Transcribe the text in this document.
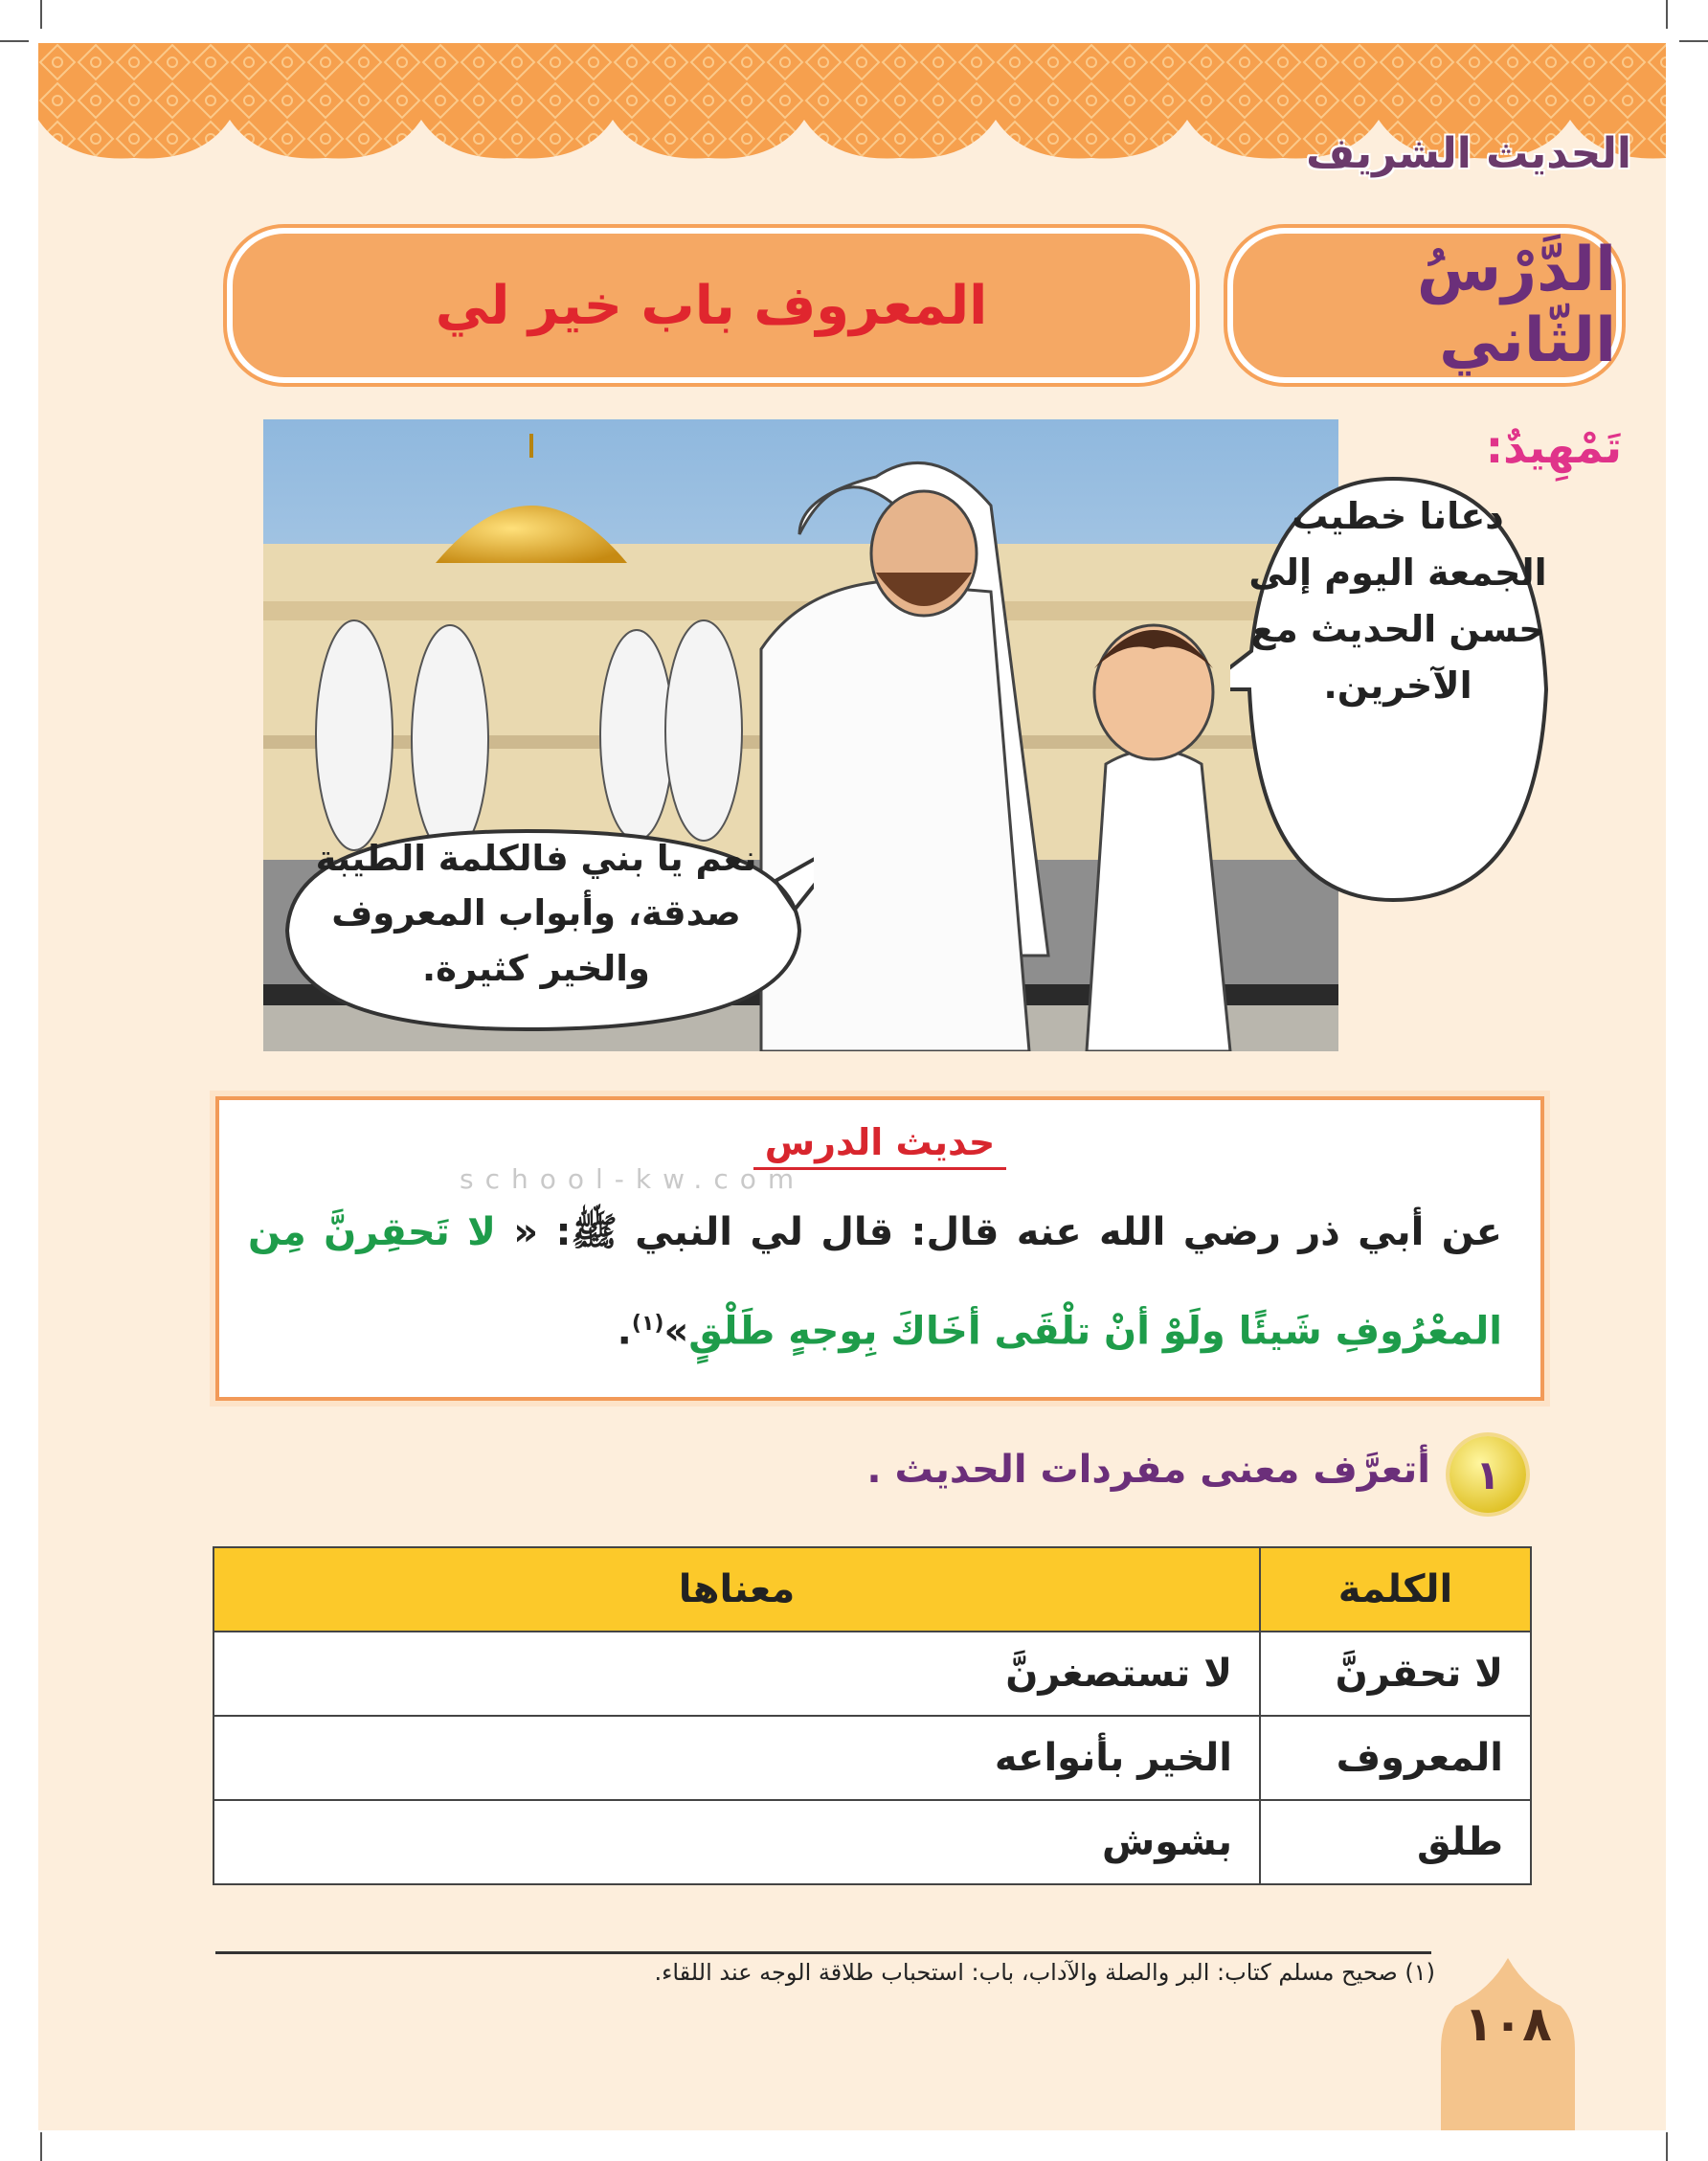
الحديث الشريف
الدَّرْسُ الثّاني
المعروف باب خير لي
تَمْهِيدٌ:
دعانا خطيب الجمعة اليوم إلى حسن الحديث مع الآخرين.
نعم يا بني فالكلمة الطيبة صدقة، وأبواب المعروف والخير كثيرة.
حديث الدرس
عن أبي ذر رضي الله عنه قال: قال لي النبي ﷺ: « لا تَحقِرنَّ مِن المعْرُوفِ شَيئًا ولَوْ أنْ تلْقَى أخَاكَ بِوجهٍ طَلْقٍ»$^{(١)}$.
school-kw.com
١
أتعرَّف معنى مفردات الحديث .
الكلمة	معناها
لا تحقرنَّ	لا تستصغرنَّ
المعروف	الخير بأنواعه
طلق	بشوش
(١) صحيح مسلم كتاب: البر والصلة والآداب، باب: استحباب طلاقة الوجه عند اللقاء.
١٠٨
